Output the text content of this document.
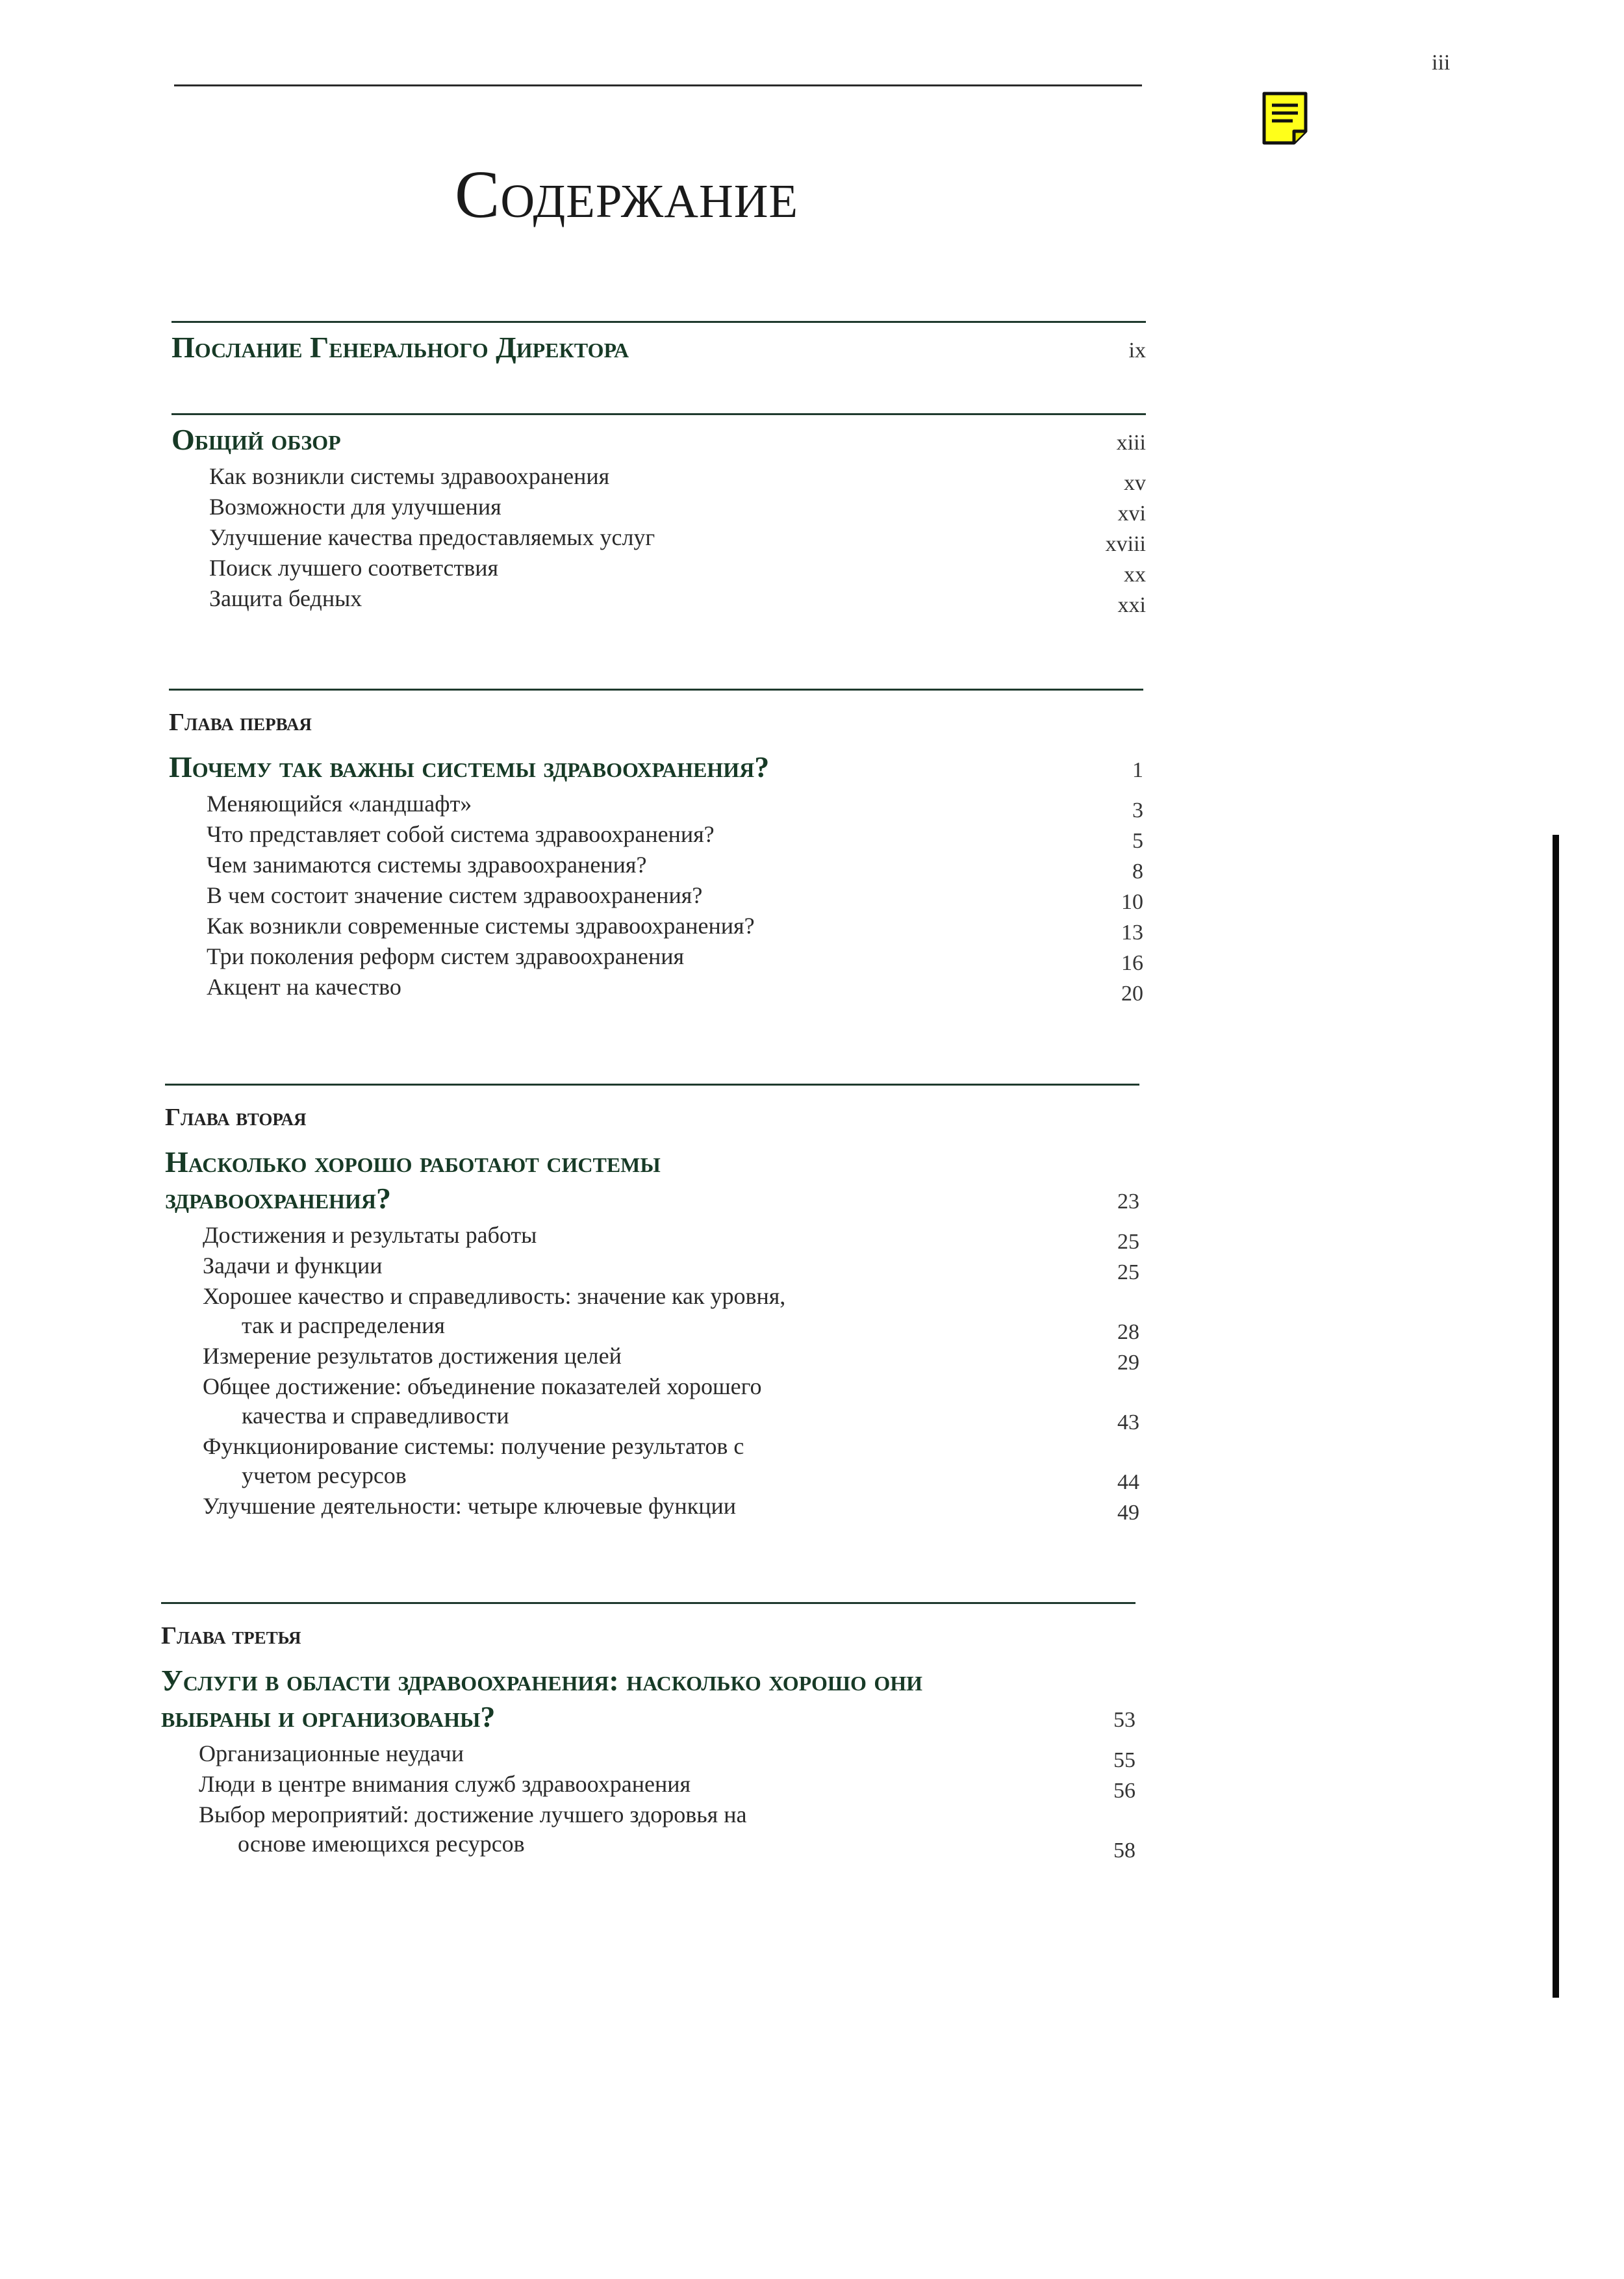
iii
Содержание
Послание Генерального Директора	ix
Общий обзор	xiii
Как возникли системы здравоохранения	xv
Возможности для улучшения	xvi
Улучшение качества предоставляемых услуг	xviii
Поиск лучшего соответствия	xx
Защита бедных	xxi
Глава первая
Почему так важны системы здравоохранения?	1
Меняющийся «ландшафт»	3
Что представляет собой система здравоохранения?	5
Чем занимаются системы здравоохранения?	8
В чем состоит значение систем здравоохранения?	10
Как возникли современные системы здравоохранения?	13
Три поколения реформ систем здравоохранения	16
Акцент на качество	20
Глава вторая
Насколько хорошо работают системы здравоохранения?	23
Достижения и результаты работы	25
Задачи и функции	25
Хорошее качество и справедливость: значение как уровня,
так и распределения	28
Измерение результатов достижения целей	29
Общее достижение: объединение показателей хорошего
качества и справедливости	43
Функционирование системы: получение результатов с
учетом ресурсов	44
Улучшение деятельности: четыре ключевые функции	49
Глава третья
Услуги в области здравоохранения: насколько хорошо они выбраны и организованы?	53
Организационные неудачи	55
Люди в центре внимания служб здравоохранения	56
Выбор мероприятий: достижение лучшего здоровья на
основе имеющихся ресурсов	58
